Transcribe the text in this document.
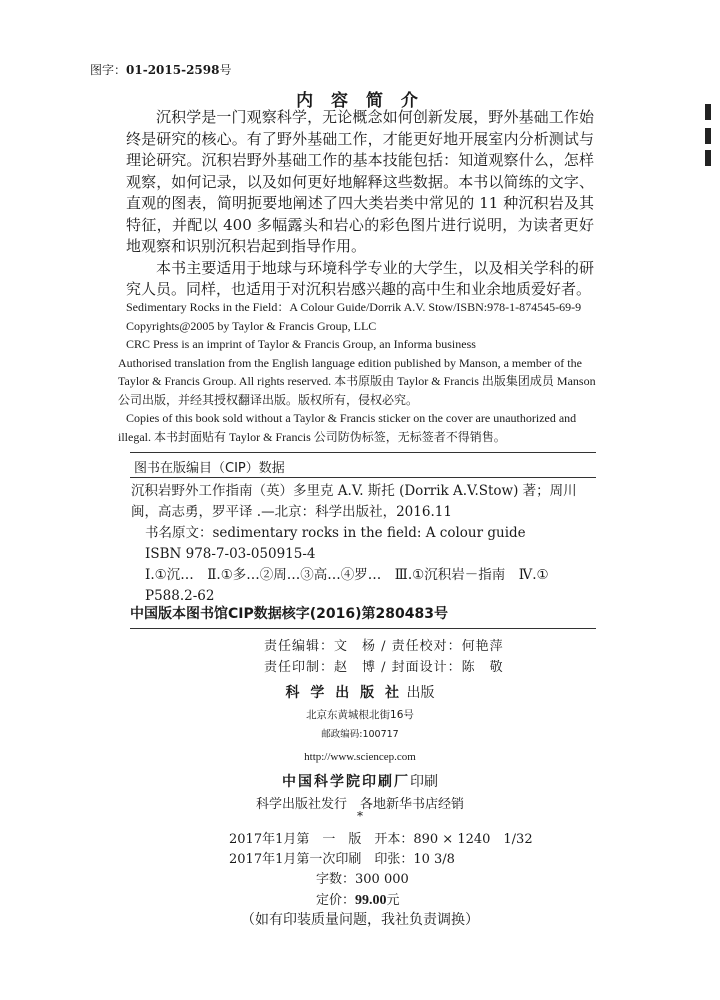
图字：01-2015-2598号
内 容 简 介

沉积学是一门观察科学，无论概念如何创新发展，野外基础工作始终是研究的核心。有了野外基础工作，才能更好地开展室内分析测试与理论研究。沉积岩野外基础工作的基本技能包括：知道观察什么，怎样观察，如何记录，以及如何更好地解释这些数据。本书以简练的文字、直观的图表，简明扼要地阐述了四大类岩类中常见的 11 种沉积岩及其特征，并配以 400 多幅露头和岩心的彩色图片进行说明，为读者更好地观察和识别沉积岩起到指导作用。

本书主要适用于地球与环境科学专业的大学生，以及相关学科的研究人员。同样，也适用于对沉积岩感兴趣的高中生和业余地质爱好者。

Sedimentary Rocks in the Field：A Colour Guide/Dorrik A.V. Stow/ISBN:978-1-874545-69-9

Copyrights@2005 by Taylor & Francis Group, LLC

CRC Press is an imprint of Taylor & Francis Group, an Informa business

Authorised translation from the English language edition published by Manson, a member of the Taylor & Francis Group. All rights reserved. 本书原版由 Taylor & Francis 出版集团成员 Manson 公司出版，并经其授权翻译出版。版权所有，侵权必究。

Copies of this book sold without a Taylor & Francis sticker on the cover are unauthorized and illegal. 本书封面贴有 Taylor & Francis 公司防伪标签，无标签者不得销售。

图书在版编目（CIP）数据

沉积岩野外工作指南（英）多里克 A.V. 斯托 (Dorrik A.V.Stow) 著；周川闽，高志勇，罗平译 .—北京：科学出版社，2016.11

书名原文：sedimentary rocks in the field: A colour guide

ISBN 978-7-03-050915-4

Ⅰ.①沉…　Ⅱ.①多…②周…③高…④罗…　Ⅲ.①沉积岩－指南　Ⅳ.① P588.2-62

中国版本图书馆CIP数据核字(2016)第280483号
责任编辑：文　杨 / 责任校对：何艳萍
责任印制：赵　博 / 封面设计：陈　敬
科 学 出 版 社 出版
北京东黄城根北街16号
邮政编码:100717
http://www.sciencep.com
中国科学院印刷厂印刷
科学出版社发行　各地新华书店经销
*
2017年1月第　一　版　开本：890 × 1240　1/32
2017年1月第一次印刷　印张：10 3/8
字数：300 000
定价：99.00元
（如有印装质量问题，我社负责调换）
